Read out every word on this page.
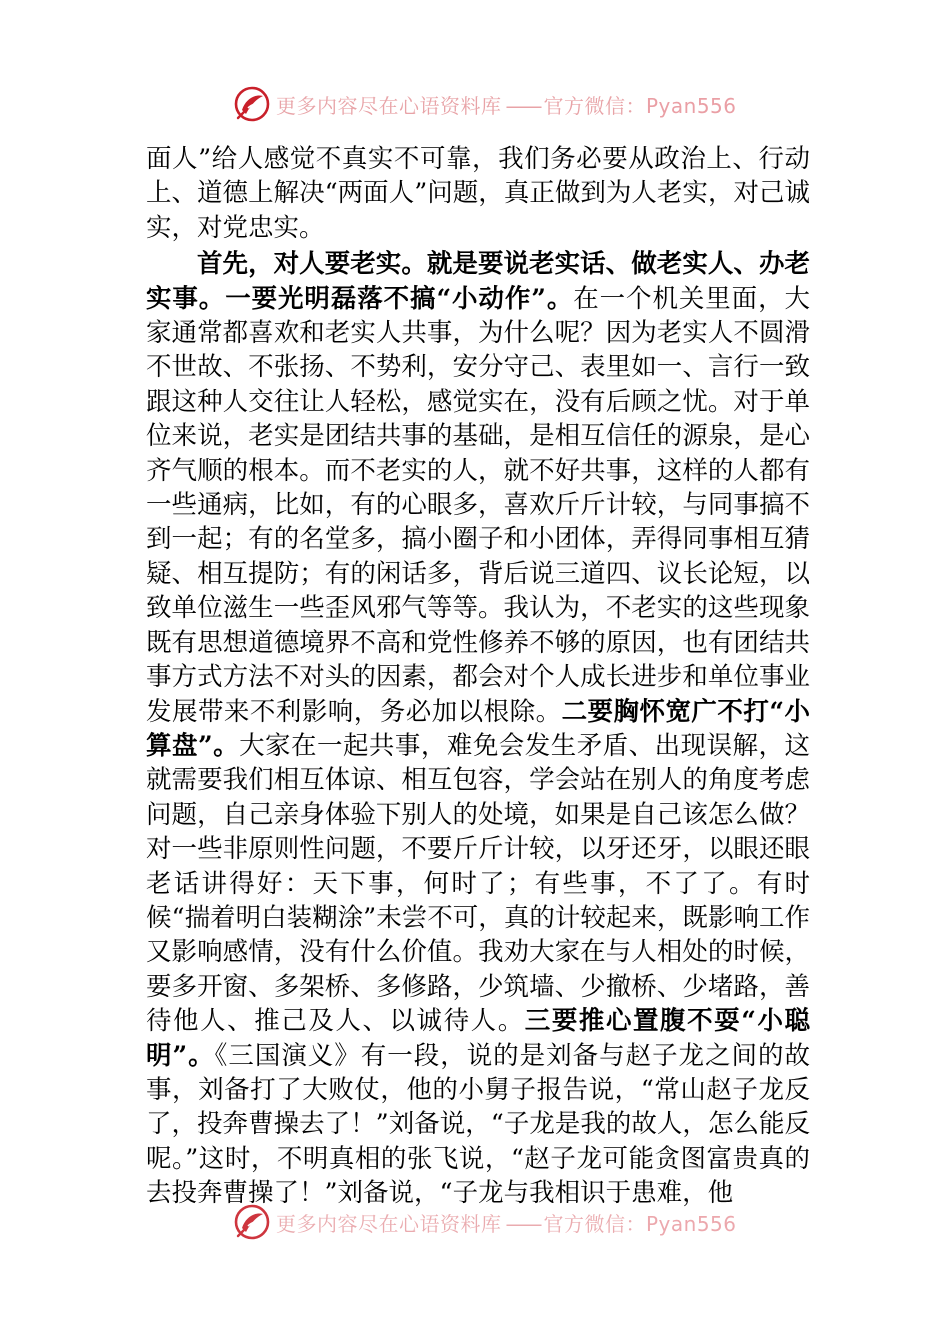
更多内容尽在心语资料库 —— 官方微信：Pyan556

面人”给人感觉不真实不可靠，我们务必要从政治上、行动上、道德上解决“两面人”问题，真正做到为人老实，对己诚实，对党忠实。

首先，对人要老实。就是要说老实话、做老实人、办老实事。一要光明磊落不搞“小动作”。在一个机关里面，大家通常都喜欢和老实人共事，为什么呢？因为老实人不圆滑不世故、不张扬、不势利，安分守己、表里如一、言行一致跟这种人交往让人轻松，感觉实在，没有后顾之忧。对于单位来说，老实是团结共事的基础，是相互信任的源泉，是心齐气顺的根本。而不老实的人，就不好共事，这样的人都有一些通病，比如，有的心眼多，喜欢斤斤计较，与同事搞不到一起；有的名堂多，搞小圈子和小团体，弄得同事相互猜疑、相互提防；有的闲话多，背后说三道四、议长论短，以致单位滋生一些歪风邪气等等。我认为，不老实的这些现象既有思想道德境界不高和党性修养不够的原因，也有团结共事方式方法不对头的因素，都会对个人成长进步和单位事业发展带来不利影响，务必加以根除。二要胸怀宽广不打“小算盘”。大家在一起共事，难免会发生矛盾、出现误解，这就需要我们相互体谅、相互包容，学会站在别人的角度考虑问题，自己亲身体验下别人的处境，如果是自己该怎么做？对一些非原则性问题，不要斤斤计较，以牙还牙，以眼还眼老话讲得好：天下事，何时了；有些事，不了了。有时候“揣着明白装糊涂”未尝不可，真的计较起来，既影响工作又影响感情，没有什么价值。我劝大家在与人相处的时候，要多开窗、多架桥、多修路，少筑墙、少撤桥、少堵路，善待他人、推己及人、以诚待人。三要推心置腹不耍“小聪明”。《三国演义》有一段，说的是刘备与赵子龙之间的故事，刘备打了大败仗，他的小舅子报告说，“常山赵子龙反了，投奔曹操去了！”刘备说，“子龙是我的故人，怎么能反呢。”这时，不明真相的张飞说，“赵子龙可能贪图富贵真的去投奔曹操了！”刘备说，“子龙与我相识于患难，他

更多内容尽在心语资料库 —— 官方微信：Pyan556
